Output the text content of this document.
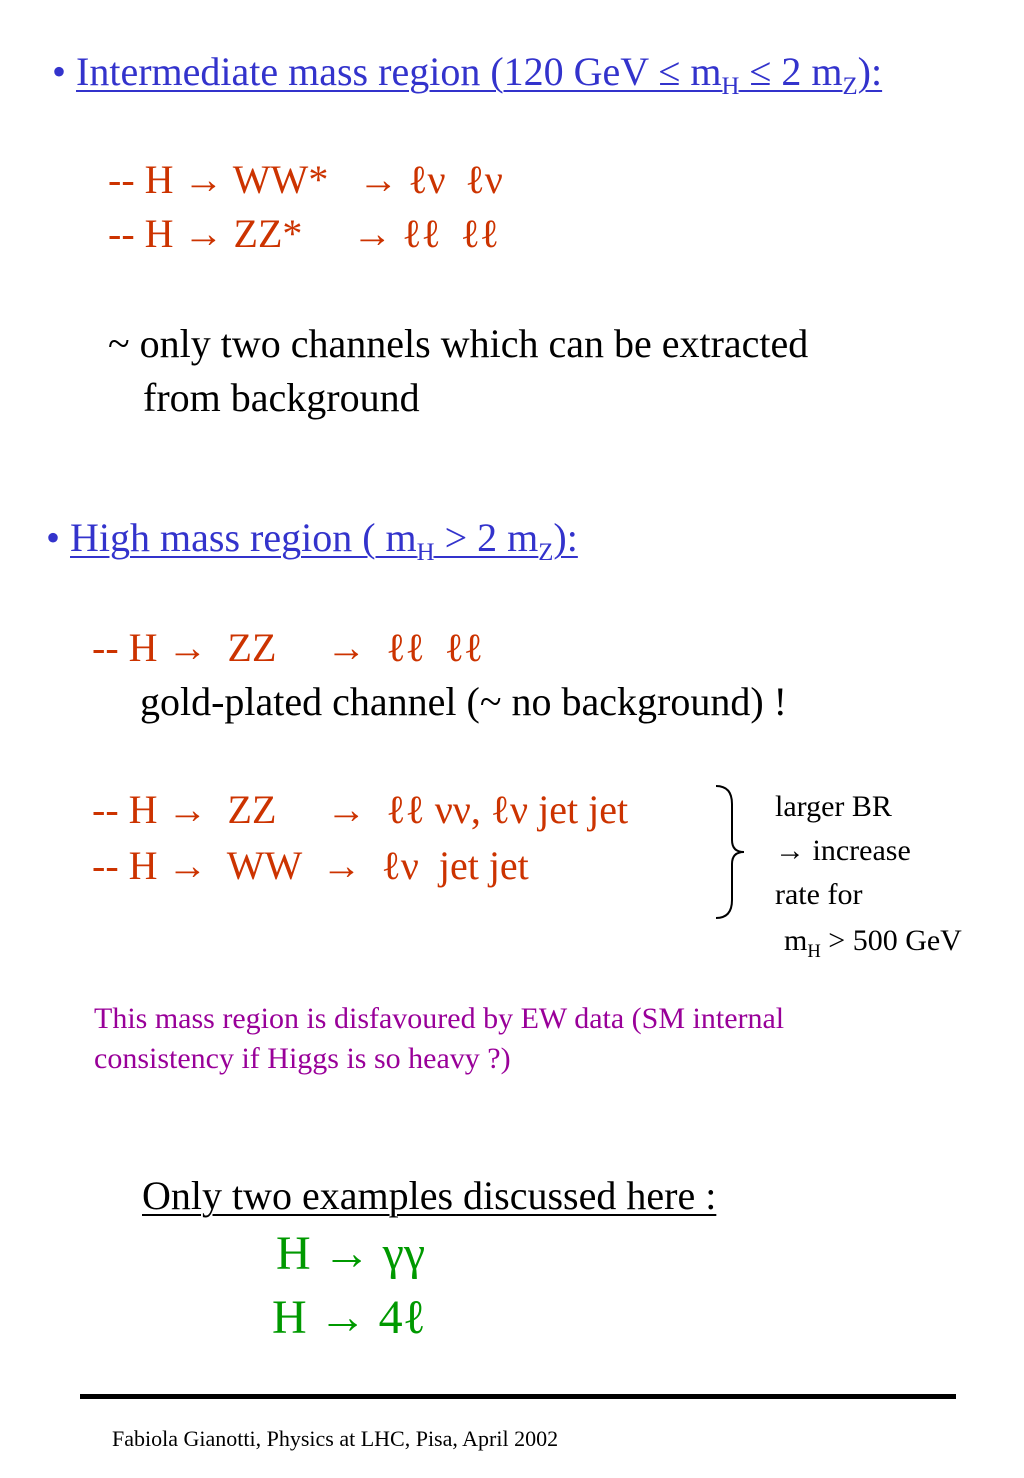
• Intermediate mass region (120 GeV ≤ $m_H \le 2$ $m_Z$):
-- H → WW*   → ℓν  ℓν
-- H → ZZ*     → ℓℓ  ℓℓ
~ only two channels which can be extracted
from background
• High mass region ( $m_H > 2$ $m_Z$):
-- H →  ZZ     →  ℓℓ  ℓℓ
gold-plated channel (~ no background) !
-- H →  ZZ     →  ℓℓ νν, ℓν jet jet
-- H →  WW  →  ℓν  jet jet
larger BR
→ increase
rate for
$m_H > 500$ GeV
This mass region is disfavoured by EW data (SM internal
consistency if Higgs is so heavy ?)
Only two examples discussed here :
H → γγ
H → 4ℓ
Fabiola Gianotti, Physics at LHC, Pisa, April 2002
